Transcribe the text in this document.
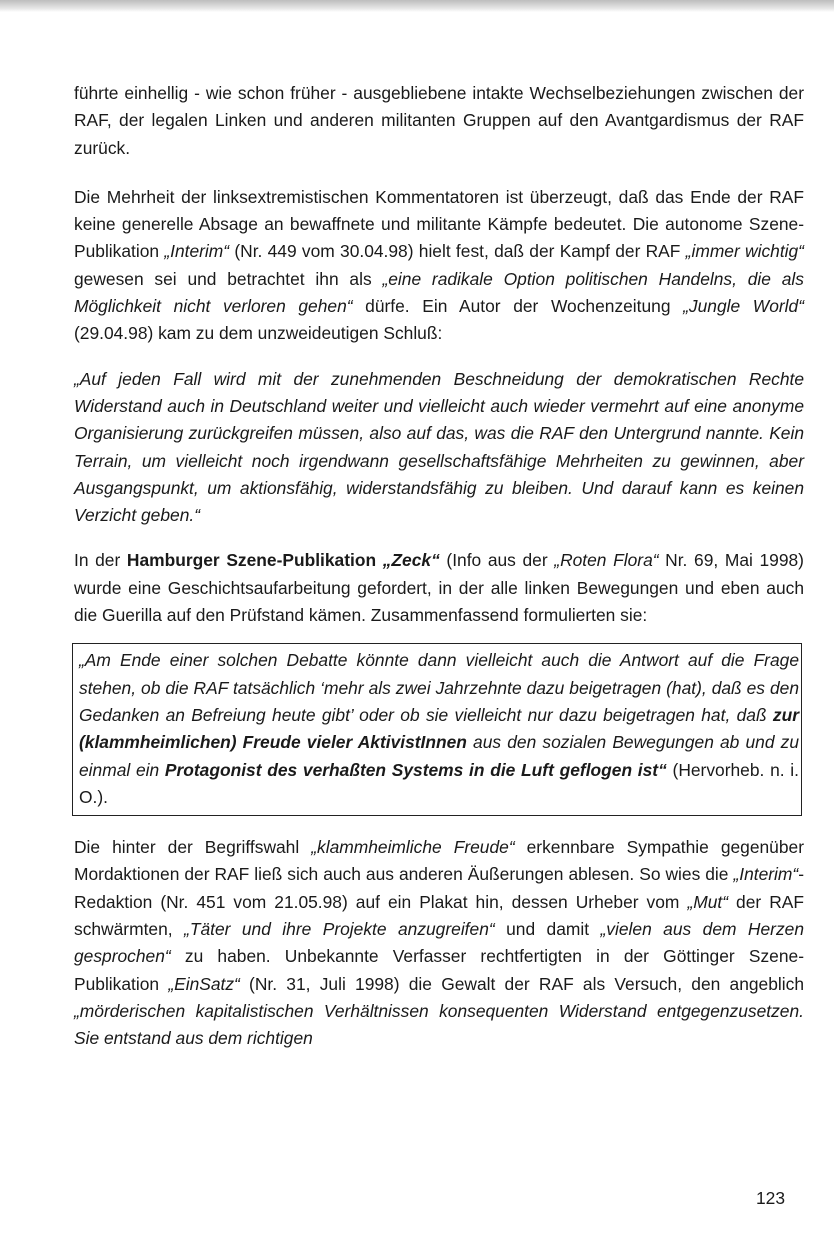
führte einhellig - wie schon früher - ausgebliebene intakte Wechselbeziehungen zwischen der RAF, der legalen Linken und anderen militanten Gruppen auf den Avantgardismus der RAF zurück.

Die Mehrheit der linksextremistischen Kommentatoren ist überzeugt, daß das Ende der RAF keine generelle Absage an bewaffnete und militante Kämpfe bedeutet. Die autonome Szene-Publikation „Interim“ (Nr. 449 vom 30.04.98) hielt fest, daß der Kampf der RAF „immer wichtig“ gewesen sei und betrachtet ihn als „eine radikale Option politischen Handelns, die als Möglichkeit nicht verloren gehen“ dürfe. Ein Autor der Wochenzeitung „Jungle World“ (29.04.98) kam zu dem unzweideutigen Schluß:

„Auf jeden Fall wird mit der zunehmenden Beschneidung der demokratischen Rechte Widerstand auch in Deutschland weiter und vielleicht auch wieder vermehrt auf eine anonyme Organisierung zurückgreifen müssen, also auf das, was die RAF den Untergrund nannte. Kein Terrain, um vielleicht noch irgendwann gesellschaftsfähige Mehrheiten zu gewinnen, aber Ausgangspunkt, um aktionsfähig, widerstandsfähig zu bleiben. Und darauf kann es keinen Verzicht geben.“

In der Hamburger Szene-Publikation „Zeck“ (Info aus der „Roten Flora“ Nr. 69, Mai 1998) wurde eine Geschichtsaufarbeitung gefordert, in der alle linken Bewegungen und eben auch die Guerilla auf den Prüfstand kämen. Zusammenfassend formulierten sie:

„Am Ende einer solchen Debatte könnte dann vielleicht auch die Antwort auf die Frage stehen, ob die RAF tatsächlich ‘mehr als zwei Jahrzehnte dazu beigetragen (hat), daß es den Gedanken an Befreiung heute gibt’ oder ob sie vielleicht nur dazu beigetragen hat, daß zur (klammheimlichen) Freude vieler AktivistInnen aus den sozialen Bewegungen ab und zu einmal ein Protagonist des verhaßten Systems in die Luft geflogen ist“ (Hervorheb. n. i. O.).

Die hinter der Begriffswahl „klammheimliche Freude“ erkennbare Sympathie gegenüber Mordaktionen der RAF ließ sich auch aus anderen Äußerungen ablesen. So wies die „Interim“-Redaktion (Nr. 451 vom 21.05.98) auf ein Plakat hin, dessen Urheber vom „Mut“ der RAF schwärmten, „Täter und ihre Projekte anzugreifen“ und damit „vielen aus dem Herzen gesprochen“ zu haben. Unbekannte Verfasser rechtfertigten in der Göttinger Szene-Publikation „EinSatz“ (Nr. 31, Juli 1998) die Gewalt der RAF als Versuch, den angeblich „mörderischen kapitalistischen Verhältnissen konsequenten Widerstand entgegenzusetzen. Sie entstand aus dem richtigen

123
